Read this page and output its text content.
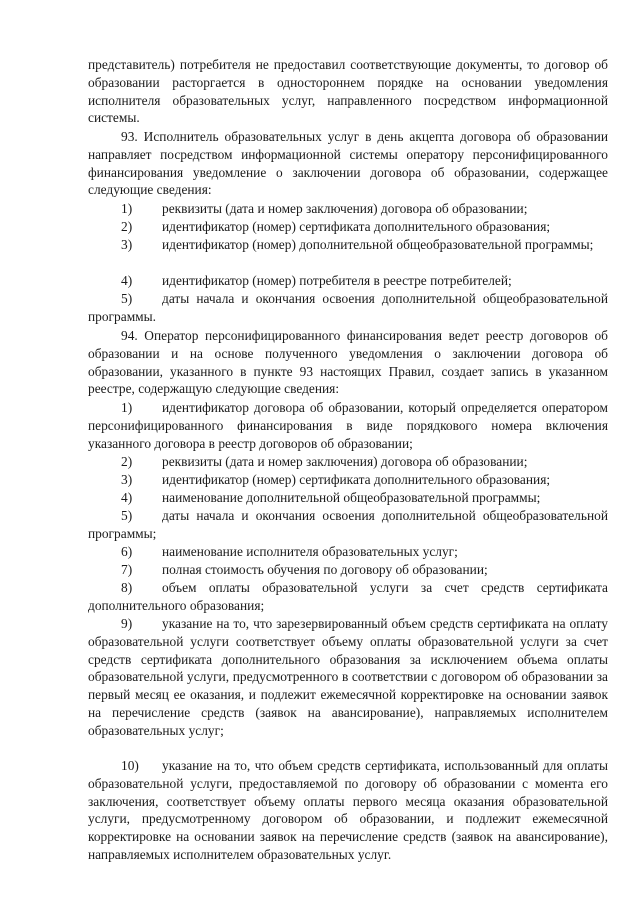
представитель) потребителя не предоставил соответствующие документы, то договор об образовании расторгается в одностороннем порядке на основании уведомления исполнителя образовательных услуг, направленного посредством информационной системы.

93. Исполнитель образовательных услуг в день акцепта договора об образовании направляет посредством информационной системы оператору персонифицированного финансирования уведомление о заключении договора об образовании, содержащее следующие сведения:

1) реквизиты (дата и номер заключения) договора об образовании;

2) идентификатор (номер) сертификата дополнительного образования;

3) идентификатор (номер) дополнительной общеобразовательной программы;

4) идентификатор (номер) потребителя в реестре потребителей;

5) даты начала и окончания освоения дополнительной общеобразовательной программы.

94. Оператор персонифицированного финансирования ведет реестр договоров об образовании и на основе полученного уведомления о заключении договора об образовании, указанного в пункте 93 настоящих Правил, создает запись в указанном реестре, содержащую следующие сведения:

1) идентификатор договора об образовании, который определяется оператором персонифицированного финансирования в виде порядкового номера включения указанного договора в реестр договоров об образовании;

2) реквизиты (дата и номер заключения) договора об образовании;

3) идентификатор (номер) сертификата дополнительного образования;

4) наименование дополнительной общеобразовательной программы;

5) даты начала и окончания освоения дополнительной общеобразовательной программы;

6) наименование исполнителя образовательных услуг;

7) полная стоимость обучения по договору об образовании;

8) объем оплаты образовательной услуги за счет средств сертификата дополнительного образования;

9) указание на то, что зарезервированный объем средств сертификата на оплату образовательной услуги соответствует объему оплаты образовательной услуги за счет средств сертификата дополнительного образования за исключением объема оплаты образовательной услуги, предусмотренного в соответствии с договором об образовании за первый месяц ее оказания, и подлежит ежемесячной корректировке на основании заявок на перечисление средств (заявок на авансирование), направляемых исполнителем образовательных услуг;

10) указание на то, что объем средств сертификата, использованный для оплаты образовательной услуги, предоставляемой по договору об образовании с момента его заключения, соответствует объему оплаты первого месяца оказания образовательной услуги, предусмотренному договором об образовании, и подлежит ежемесячной корректировке на основании заявок на перечисление средств (заявок на авансирование), направляемых исполнителем образовательных услуг.
